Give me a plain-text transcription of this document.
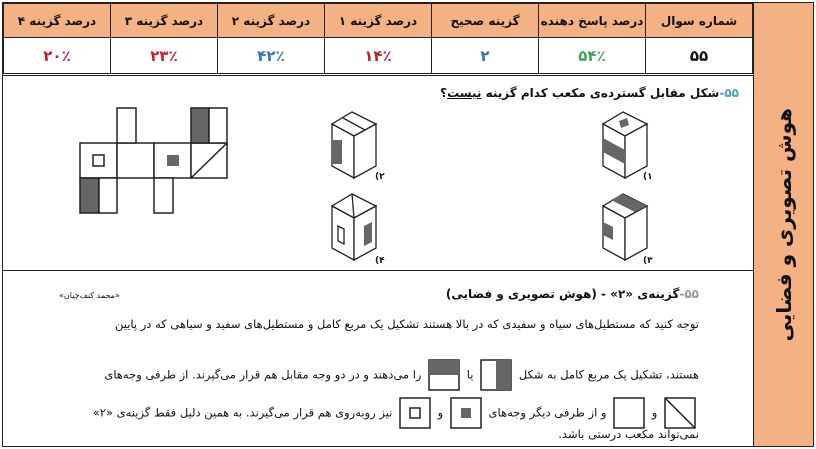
هوش تصویری و فضایی
شماره سوال	درصد پاسخ دهنده	گزینه صحیح	درصد گزینه ۱	درصد گزینه ۲	درصد گزینه ۳	درصد گزینه ۴
۵۵	۵۴٪	۲	۱۴٪	۴۲٪	۲۳٪	۲۰٪
۵۵-شکل مقابل گسترده‌ی مکعب کدام گزینه نیست؟
(۲	(۱
(۴	(۳
۵۵-گزینه‌ی «۲» - (هوش تصویری و فضایی)
«محمد کنف‌چیان»
توجه کنید که مستطیل‌های سیاه و سفیدی که در بالا هستند تشکیل یک مربع کامل و مستطیل‌های سفید و سیاهی که در پایین
هستند، تشکیل یک مربع کامل به شکل  یا  را می‌دهند و در دو وجه مقابل هم قرار می‌گیرند. از طرفی وجه‌های
و  و از طرفی دیگر وجه‌های  و  نیز روبه‌روی هم قرار می‌گیرند. به همین دلیل فقط گزینه‌ی «۲»
نمی‌تواند مکعب درستی باشد.
